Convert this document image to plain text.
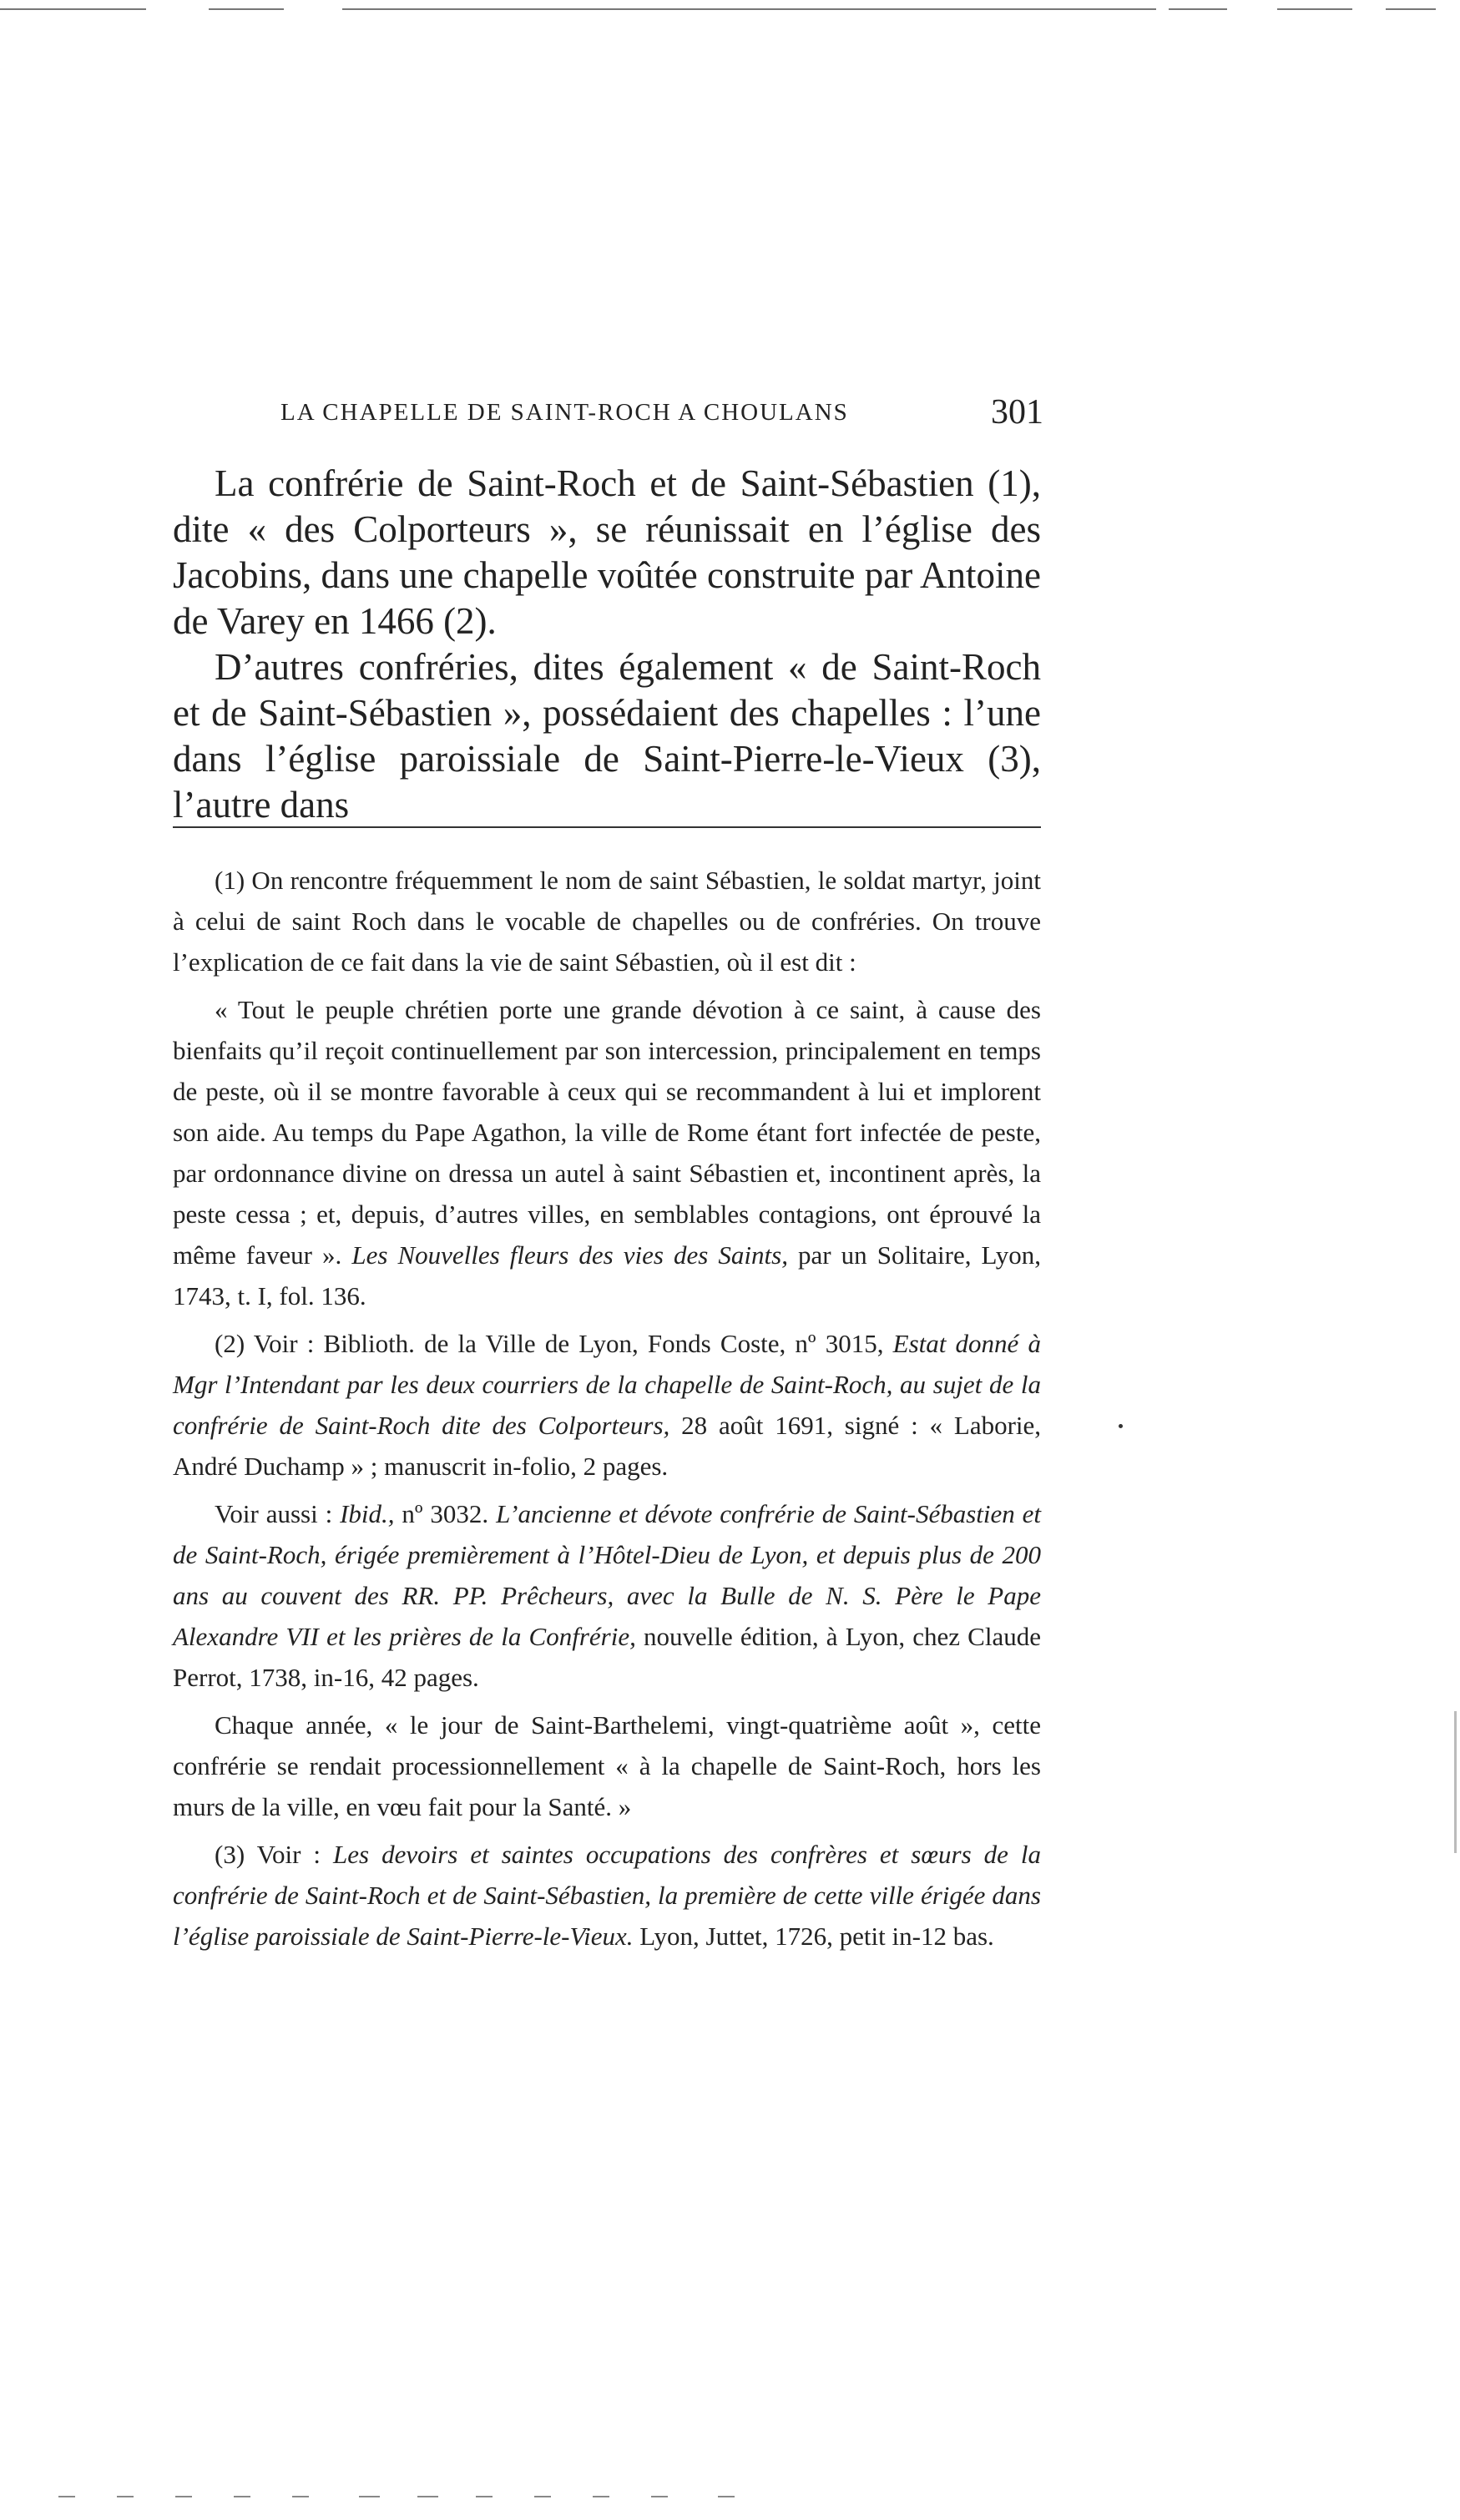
LA CHAPELLE DE SAINT-ROCH A CHOULANS	301

La confrérie de Saint-Roch et de Saint-Sébastien (1), dite « des Colporteurs », se réunissait en l’église des Jacobins, dans une chapelle voûtée construite par Antoine de Varey en 1466 (2).

D’autres confréries, dites également « de Saint-Roch et de Saint-Sébastien », possédaient des chapelles : l’une dans l’église paroissiale de Saint-Pierre-le-Vieux (3), l’autre dans

(1) On rencontre fréquemment le nom de saint Sébastien, le soldat martyr, joint à celui de saint Roch dans le vocable de chapelles ou de confréries. On trouve l’explication de ce fait dans la vie de saint Sébastien, où il est dit :

« Tout le peuple chrétien porte une grande dévotion à ce saint, à cause des bienfaits qu’il reçoit continuellement par son intercession, principalement en temps de peste, où il se montre favorable à ceux qui se recommandent à lui et implorent son aide. Au temps du Pape Agathon, la ville de Rome étant fort infectée de peste, par ordonnance divine on dressa un autel à saint Sébastien et, incontinent après, la peste cessa ; et, depuis, d’autres villes, en semblables contagions, ont éprouvé la même faveur ». Les Nouvelles fleurs des vies des Saints, par un Solitaire, Lyon, 1743, t. I, fol. 136.

(2) Voir : Biblioth. de la Ville de Lyon, Fonds Coste, nº 3015, Estat donné à Mgr l’Intendant par les deux courriers de la chapelle de Saint-Roch, au sujet de la confrérie de Saint-Roch dite des Colporteurs, 28 août 1691, signé : « Laborie, André Duchamp » ; manuscrit in-folio, 2 pages.

Voir aussi : Ibid., nº 3032. L’ancienne et dévote confrérie de Saint-Sébastien et de Saint-Roch, érigée premièrement à l’Hôtel-Dieu de Lyon, et depuis plus de 200 ans au couvent des RR. PP. Prêcheurs, avec la Bulle de N. S. Père le Pape Alexandre VII et les prières de la Confrérie, nouvelle édition, à Lyon, chez Claude Perrot, 1738, in-16, 42 pages.

Chaque année, « le jour de Saint-Barthelemi, vingt-quatrième août », cette confrérie se rendait processionnellement « à la chapelle de Saint-Roch, hors les murs de la ville, en vœu fait pour la Santé. »

(3) Voir : Les devoirs et saintes occupations des confrères et sœurs de la confrérie de Saint-Roch et de Saint-Sébastien, la première de cette ville érigée dans l’église paroissiale de Saint-Pierre-le-Vieux. Lyon, Juttet, 1726, petit in-12 bas.
